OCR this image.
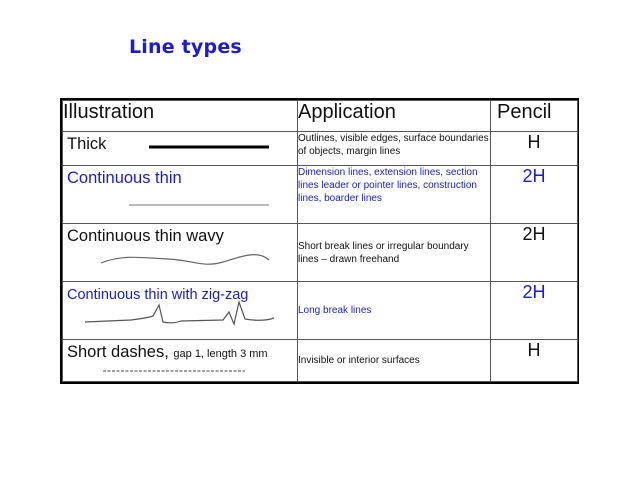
Line types
Illustration	Application	Pencil

Thick	Outlines, visible edges, surface boundaries of objects, margin lines	H

Continuous thin	Dimension lines, extension lines, section lines leader or pointer lines, construction lines, boarder lines	2H

Continuous thin wavy	Short break lines or irregular boundary lines – drawn freehand	2H

Continuous thin with zig-zag	Long break lines	2H

Short dashes, gap 1, length 3 mm	Invisible or interior surfaces	H
